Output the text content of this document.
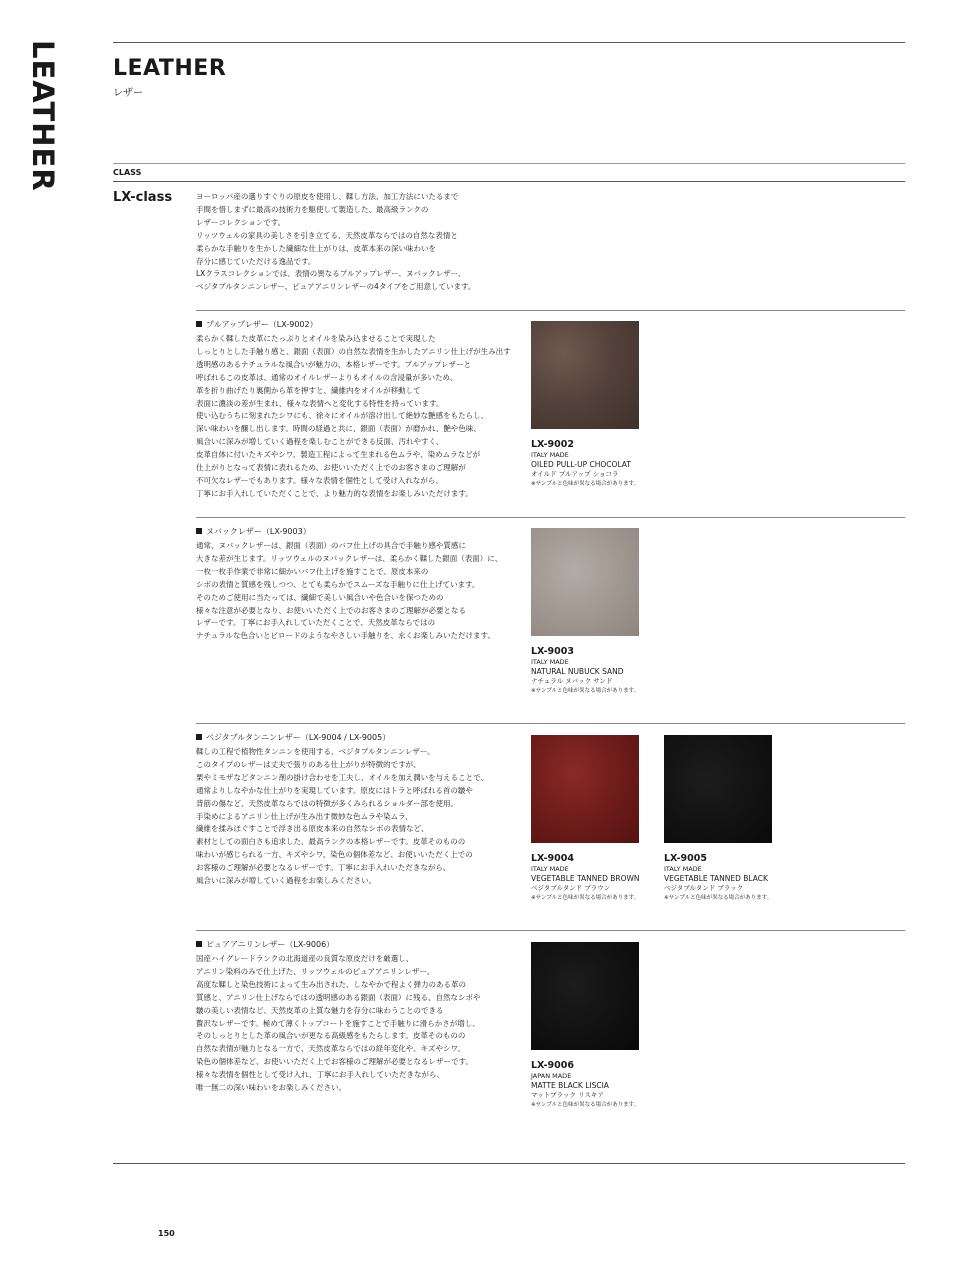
LEATHER LEATHER
レザー
CLASS
LX-class	ヨーロッパ産の選りすぐりの原皮を使用し、鞣し方法、加工方法にいたるまで

手間を惜しまずに最高の技術力を駆使して製造した、最高級ランクの

レザーコレクションです。

リッツウェルの家具の美しさを引き立てる、天然皮革ならではの自然な表情と

柔らかな手触りを生かした繊細な仕上がりは、皮革本来の深い味わいを

存分に感じていただける逸品です。

LXクラスコレクションでは、表情の異なるプルアップレザー、ヌバックレザー、

ベジタブルタンニンレザー、ピュアアニリンレザーの4タイプをご用意しています。

プルアップレザー（LX-9002）

柔らかく鞣した皮革にたっぷりとオイルを染み込ませることで実現した

しっとりとした手触り感と、銀面（表面）の自然な表情を生かしたアニリン仕上げが生み出す

透明感のあるナチュラルな風合いが魅力の、本格レザーです。プルアップレザーと

呼ばれるこの皮革は、通常のオイルレザーよりもオイルの含浸量が多いため、

革を折り曲げたり裏側から革を押すと、繊維内をオイルが移動して

表面に濃淡の差が生まれ、様々な表情へと変化する特性を持っています。

使い込むうちに刻まれたシワにも、徐々にオイルが溶け出して絶妙な艶感をもたらし、

深い味わいを醸し出します。時間の経過と共に、銀面（表面）が磨かれ、艶や色味、

風合いに深みが増していく過程を楽しむことができる反面、汚れやすく、

皮革自体に付いたキズやシワ、製造工程によって生まれる色ムラや、染めムラなどが

仕上がりとなって表情に表れるため、お使いいただく上でのお客さまのご理解が

不可欠なレザーでもあります。様々な表情を個性として受け入れながら、

丁寧にお手入れしていただくことで、より魅力的な表情をお楽しみいただけます。

LX-9002
ITALY MADE
OILED PULL-UP CHOCOLAT
オイルド プルアップ ショコラ
※サンプルと色味が異なる場合があります。
ヌバックレザー（LX-9003）

通常、ヌバックレザーは、銀面（表面）のバフ仕上げの具合で手触り感や質感に

大きな差が生じます。リッツウェルのヌバックレザーは、柔らかく鞣した銀面（表面）に、

一枚一枚手作業で非常に細かいバフ仕上げを施すことで、原皮本来の

シボの表情と質感を残しつつ、とても柔らかでスムーズな手触りに仕上げています。

そのためご使用に当たっては、繊細で美しい風合いや色合いを保つための

様々な注意が必要となり、お使いいただく上でのお客さまのご理解が必要となる

レザーです。丁寧にお手入れしていただくことで、天然皮革ならではの

ナチュラルな色合いとビロードのようなやさしい手触りを、永くお楽しみいただけます。

LX-9003
ITALY MADE
NATURAL NUBUCK SAND
ナチュラル ヌバック サンド
※サンプルと色味が異なる場合があります。
ベジタブルタンニンレザー（LX-9004 / LX-9005）

鞣しの工程で植物性タンニンを使用する、ベジタブルタンニンレザー。

このタイプのレザーは丈夫で張りのある仕上がりが特徴的ですが、

栗やミモザなどタンニン剤の掛け合わせを工夫し、オイルを加え潤いを与えることで、

通常よりしなやかな仕上がりを実現しています。原皮にはトラと呼ばれる首の皺や

背筋の傷など、天然皮革ならではの特徴が多くみられるショルダー部を使用。

手染めによるアニリン仕上げが生み出す微妙な色ムラや染ムラ、

繊維を揉みほぐすことで浮き出る原皮本来の自然なシボの表情など、

素材としての面白さも追求した、最高ランクの本格レザーです。皮革そのものの

味わいが感じられる一方、キズやシワ、染色の個体差など、お使いいただく上での

お客様のご理解が必要となるレザーです。丁寧にお手入れいただきながら、

風合いに深みが増していく過程をお楽しみください。

LX-9004
ITALY MADE
VEGETABLE TANNED BROWN
ベジタブルタンド ブラウン
※サンプルと色味が異なる場合があります。
LX-9005
ITALY MADE
VEGETABLE TANNED BLACK
ベジタブルタンド ブラック
※サンプルと色味が異なる場合があります。
ピュアアニリンレザー（LX-9006）

国産ハイグレードランクの北海道産の良質な原皮だけを厳選し、

アニリン染料のみで仕上げた、リッツウェルのピュアアニリンレザー。

高度な鞣しと染色技術によって生み出された、しなやかで程よく弾力のある革の

質感と、アニリン仕上げならではの透明感のある銀面（表面）に残る、自然なシボや

皺の美しい表情など、天然皮革の上質な魅力を存分に味わうことのできる

贅沢なレザーです。極めて薄くトップコートを施すことで手触りに滑らかさが増し、

そのしっとりとした革の風合いが更なる高級感をもたらします。皮革そのものの

自然な表情が魅力となる一方で、天然皮革ならではの経年変化や、キズやシワ、

染色の個体差など、お使いいただく上でお客様のご理解が必要となるレザーです。

様々な表情を個性として受け入れ、丁寧にお手入れしていただきながら、

唯一無二の深い味わいをお楽しみください。

LX-9006
JAPAN MADE
MATTE BLACK LISCIA
マットブラック リスキア
※サンプルと色味が異なる場合があります。
150
